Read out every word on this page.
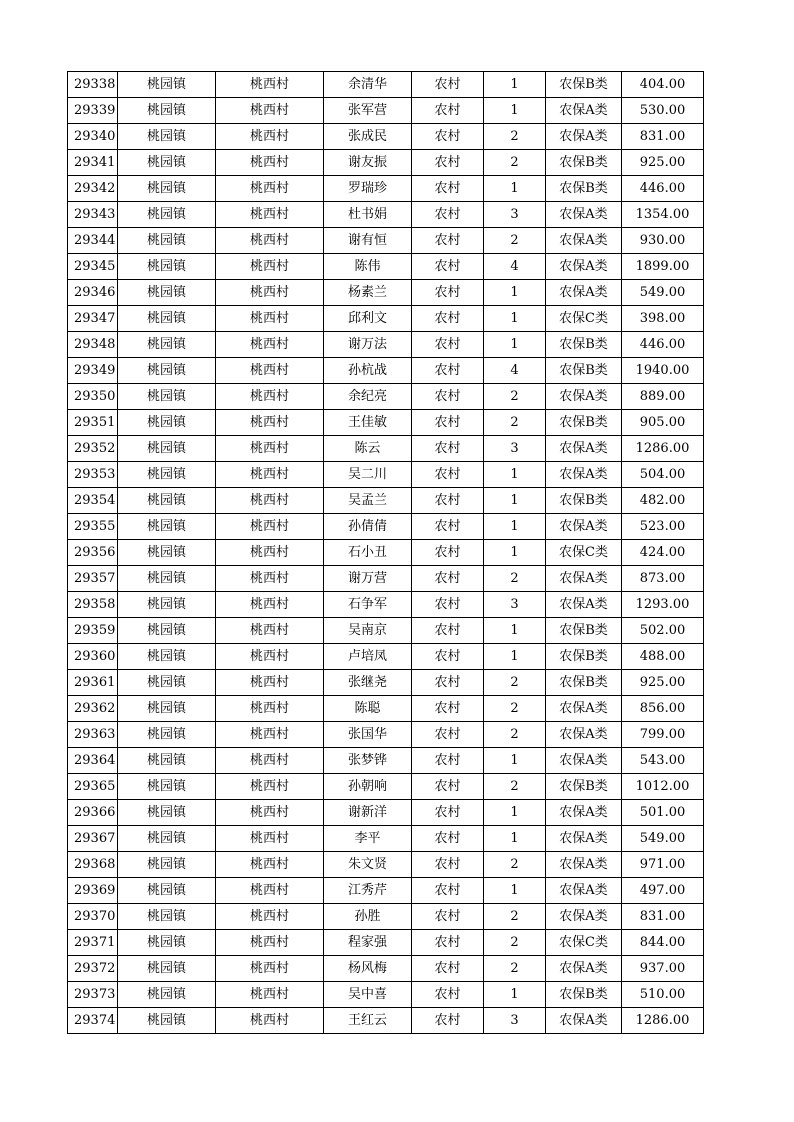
29338	桃园镇	桃西村	余清华	农村	1	农保B类	404.00
29339	桃园镇	桃西村	张军营	农村	1	农保A类	530.00
29340	桃园镇	桃西村	张成民	农村	2	农保A类	831.00
29341	桃园镇	桃西村	谢友振	农村	2	农保B类	925.00
29342	桃园镇	桃西村	罗瑞珍	农村	1	农保B类	446.00
29343	桃园镇	桃西村	杜书娟	农村	3	农保A类	1354.00
29344	桃园镇	桃西村	谢有恒	农村	2	农保A类	930.00
29345	桃园镇	桃西村	陈伟	农村	4	农保A类	1899.00
29346	桃园镇	桃西村	杨素兰	农村	1	农保A类	549.00
29347	桃园镇	桃西村	邱利文	农村	1	农保C类	398.00
29348	桃园镇	桃西村	谢万法	农村	1	农保B类	446.00
29349	桃园镇	桃西村	孙杭战	农村	4	农保B类	1940.00
29350	桃园镇	桃西村	余纪亮	农村	2	农保A类	889.00
29351	桃园镇	桃西村	王佳敏	农村	2	农保B类	905.00
29352	桃园镇	桃西村	陈云	农村	3	农保A类	1286.00
29353	桃园镇	桃西村	吴二川	农村	1	农保A类	504.00
29354	桃园镇	桃西村	吴孟兰	农村	1	农保B类	482.00
29355	桃园镇	桃西村	孙倩倩	农村	1	农保A类	523.00
29356	桃园镇	桃西村	石小丑	农村	1	农保C类	424.00
29357	桃园镇	桃西村	谢万营	农村	2	农保A类	873.00
29358	桃园镇	桃西村	石争军	农村	3	农保A类	1293.00
29359	桃园镇	桃西村	吴南京	农村	1	农保B类	502.00
29360	桃园镇	桃西村	卢培凤	农村	1	农保B类	488.00
29361	桃园镇	桃西村	张继尧	农村	2	农保B类	925.00
29362	桃园镇	桃西村	陈聪	农村	2	农保A类	856.00
29363	桃园镇	桃西村	张国华	农村	2	农保A类	799.00
29364	桃园镇	桃西村	张梦铧	农村	1	农保A类	543.00
29365	桃园镇	桃西村	孙朝响	农村	2	农保B类	1012.00
29366	桃园镇	桃西村	谢新洋	农村	1	农保A类	501.00
29367	桃园镇	桃西村	李平	农村	1	农保A类	549.00
29368	桃园镇	桃西村	朱文贤	农村	2	农保A类	971.00
29369	桃园镇	桃西村	江秀芹	农村	1	农保A类	497.00
29370	桃园镇	桃西村	孙胜	农村	2	农保A类	831.00
29371	桃园镇	桃西村	程家强	农村	2	农保C类	844.00
29372	桃园镇	桃西村	杨风梅	农村	2	农保A类	937.00
29373	桃园镇	桃西村	吴中喜	农村	1	农保B类	510.00
29374	桃园镇	桃西村	王红云	农村	3	农保A类	1286.00
